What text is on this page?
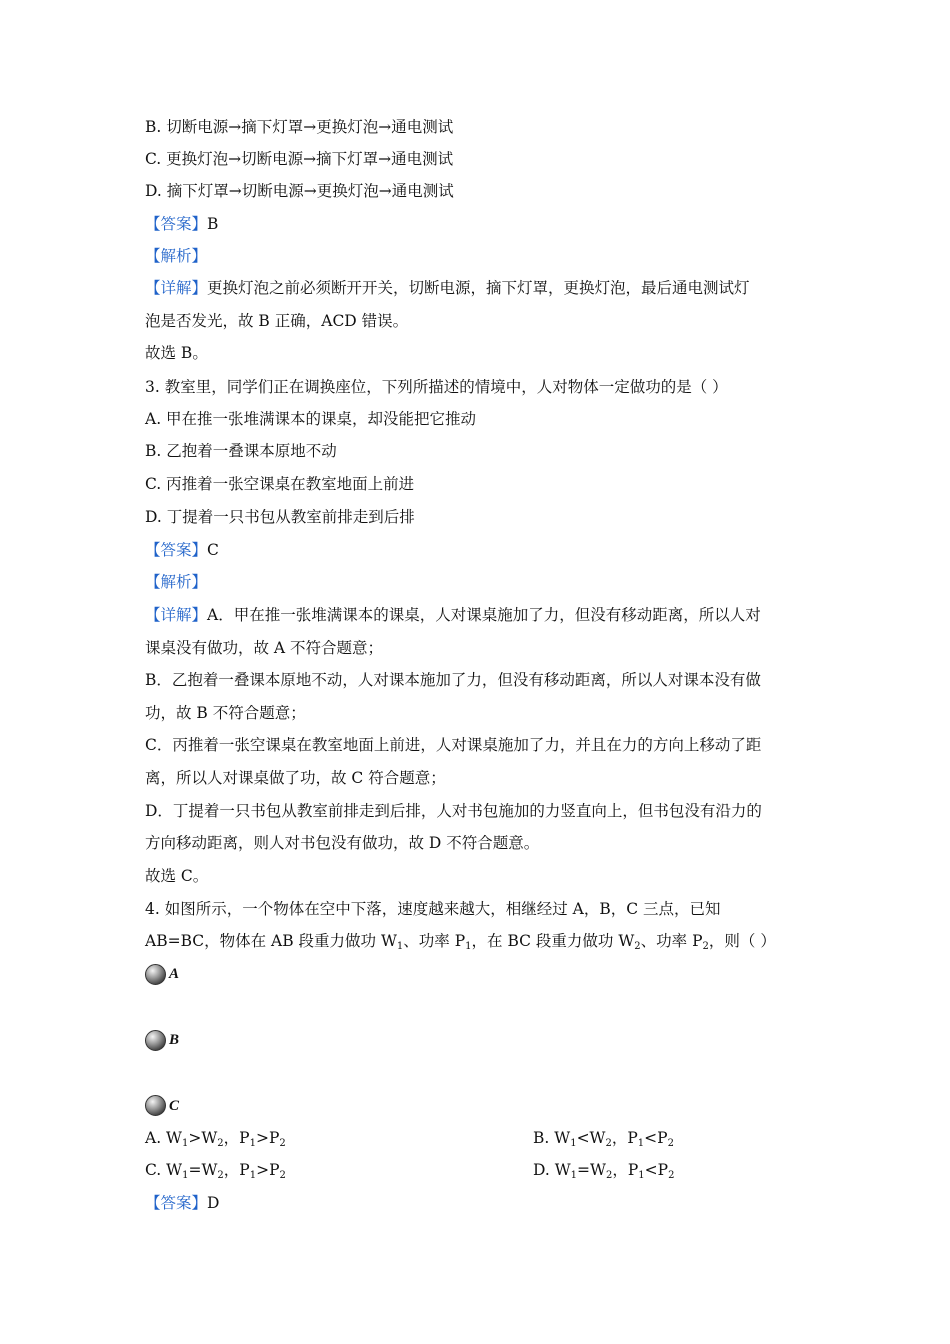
B. 切断电源→摘下灯罩→更换灯泡→通电测试
C. 更换灯泡→切断电源→摘下灯罩→通电测试
D. 摘下灯罩→切断电源→更换灯泡→通电测试
【答案】B
【解析】
【详解】更换灯泡之前必须断开开关，切断电源，摘下灯罩，更换灯泡，最后通电测试灯
泡是否发光，故 B 正确，ACD 错误。
故选 B。
3. 教室里，同学们正在调换座位，下列所描述的情境中，人对物体一定做功的是（ ）
A. 甲在推一张堆满课本的课桌，却没能把它推动
B. 乙抱着一叠课本原地不动
C. 丙推着一张空课桌在教室地面上前进
D. 丁提着一只书包从教室前排走到后排
【答案】C
【解析】
【详解】A．甲在推一张堆满课本的课桌，人对课桌施加了力，但没有移动距离，所以人对
课桌没有做功，故 A 不符合题意；
B．乙抱着一叠课本原地不动，人对课本施加了力，但没有移动距离，所以人对课本没有做
功，故 B 不符合题意；
C．丙推着一张空课桌在教室地面上前进，人对课桌施加了力，并且在力的方向上移动了距
离，所以人对课桌做了功，故 C 符合题意；
D．丁提着一只书包从教室前排走到后排，人对书包施加的力竖直向上，但书包没有沿力的
方向移动距离，则人对书包没有做功，故 D 不符合题意。
故选 C。
4. 如图所示，一个物体在空中下落，速度越来越大，相继经过 A，B，C 三点，已知
AB=BC，物体在 AB 段重力做功 $W_1$、功率 $P_1$，在 BC 段重力做功 $W_2$、功率 $P_2$，则（ ）
A
B
C
A. $W_1>W_2$，$P_1>P_2$	B. $W_1<W_2$，$P_1<P_2$
C. $W_1=W_2$，$P_1>P_2$	D. $W_1=W_2$，$P_1<P_2$
【答案】D
